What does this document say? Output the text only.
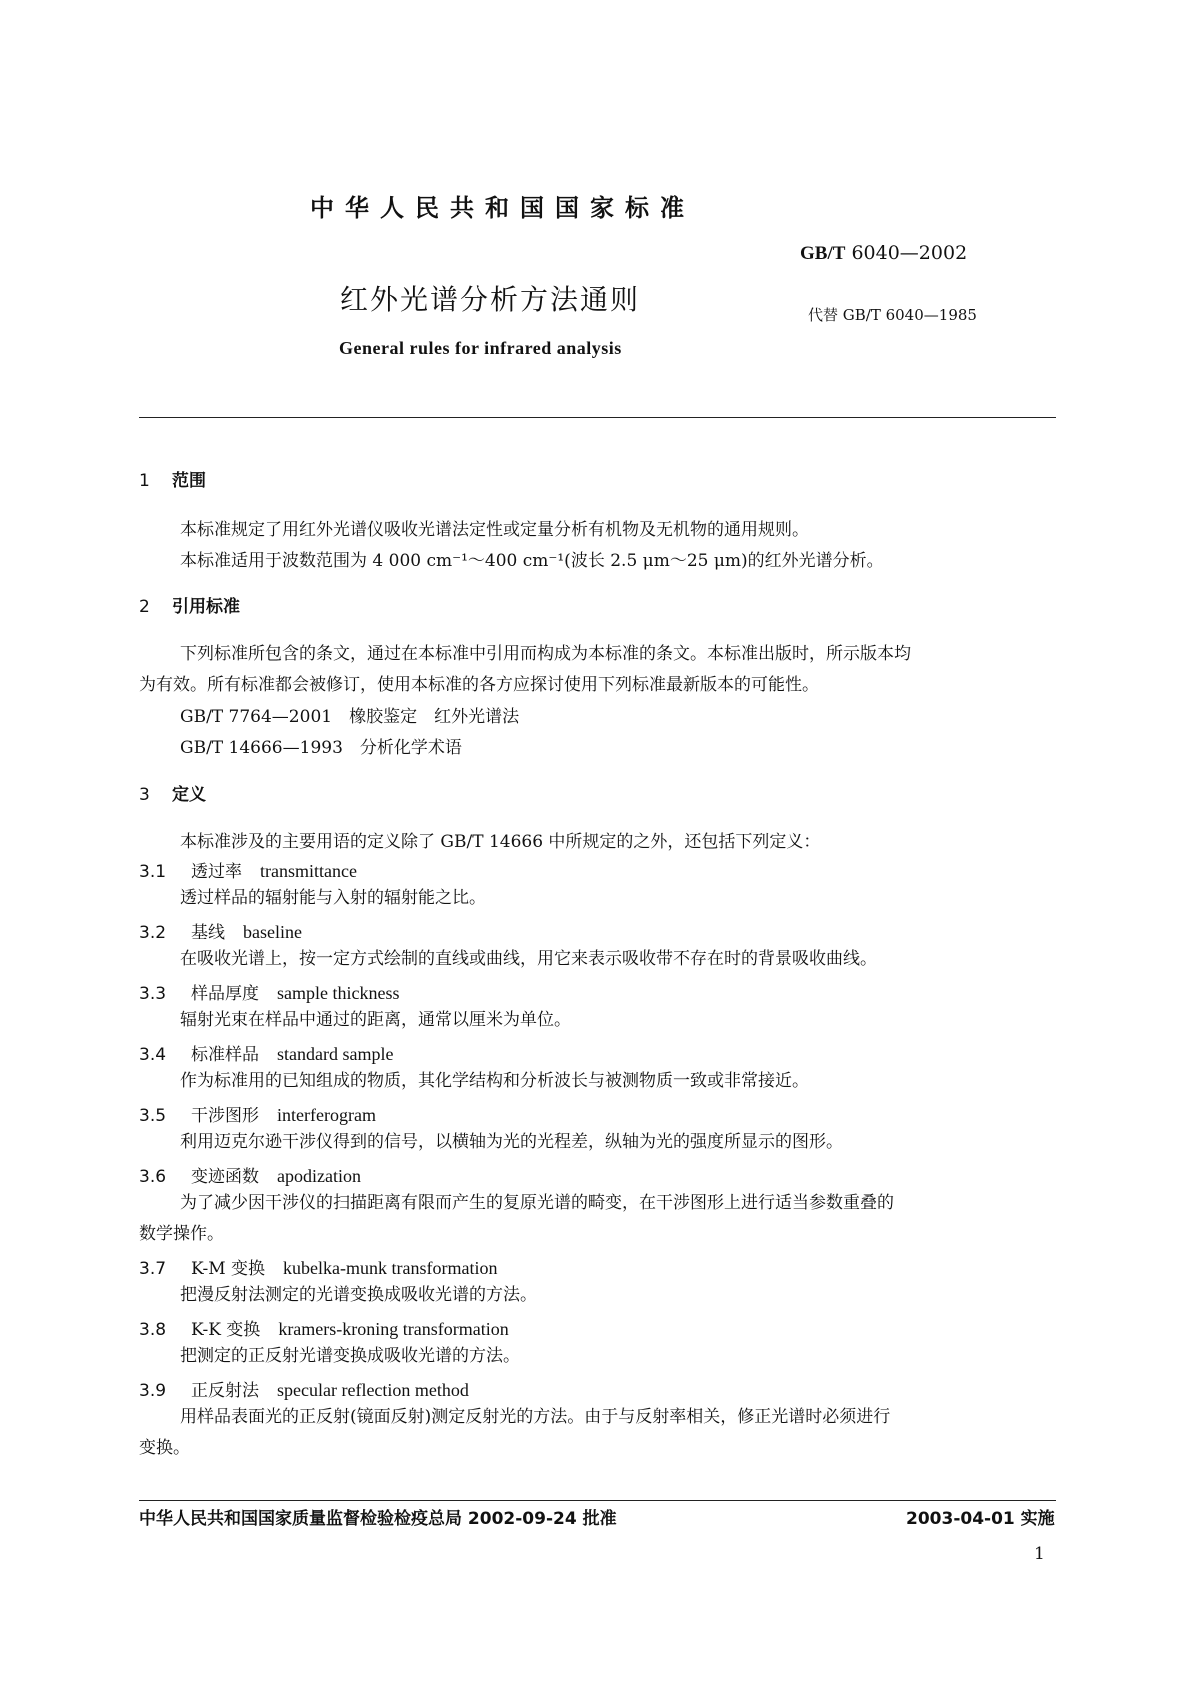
中华人民共和国国家标准
GB/T 6040—2002
红外光谱分析方法通则	代替 GB/T 6040—1985
General rules for infrared analysis
1 范围
本标准规定了用红外光谱仪吸收光谱法定性或定量分析有机物及无机物的通用规则。
本标准适用于波数范围为 4 000 cm⁻¹～400 cm⁻¹(波长 2.5 μm～25 μm)的红外光谱分析。
2 引用标准
下列标准所包含的条文，通过在本标准中引用而构成为本标准的条文。本标准出版时，所示版本均
为有效。所有标准都会被修订，使用本标准的各方应探讨使用下列标准最新版本的可能性。
GB/T 7764—2001　橡胶鉴定　红外光谱法
GB/T 14666—1993　分析化学术语
3 定义
本标准涉及的主要用语的定义除了 GB/T 14666 中所规定的之外，还包括下列定义：
3.1 透过率 transmittance
透过样品的辐射能与入射的辐射能之比。
3.2 基线 baseline
在吸收光谱上，按一定方式绘制的直线或曲线，用它来表示吸收带不存在时的背景吸收曲线。
3.3 样品厚度 sample thickness
辐射光束在样品中通过的距离，通常以厘米为单位。
3.4 标准样品 standard sample
作为标准用的已知组成的物质，其化学结构和分析波长与被测物质一致或非常接近。
3.5 干涉图形 interferogram
利用迈克尔逊干涉仪得到的信号，以横轴为光的光程差，纵轴为光的强度所显示的图形。
3.6 变迹函数 apodization
为了减少因干涉仪的扫描距离有限而产生的复原光谱的畸变，在干涉图形上进行适当参数重叠的
数学操作。
3.7 K-M 变换 kubelka-munk transformation
把漫反射法测定的光谱变换成吸收光谱的方法。
3.8 K-K 变换 kramers-kroning transformation
把测定的正反射光谱变换成吸收光谱的方法。
3.9 正反射法 specular reflection method
用样品表面光的正反射(镜面反射)测定反射光的方法。由于与反射率相关，修正光谱时必须进行
变换。
中华人民共和国国家质量监督检验检疫总局 2002-09-24 批准	2003-04-01 实施
1
